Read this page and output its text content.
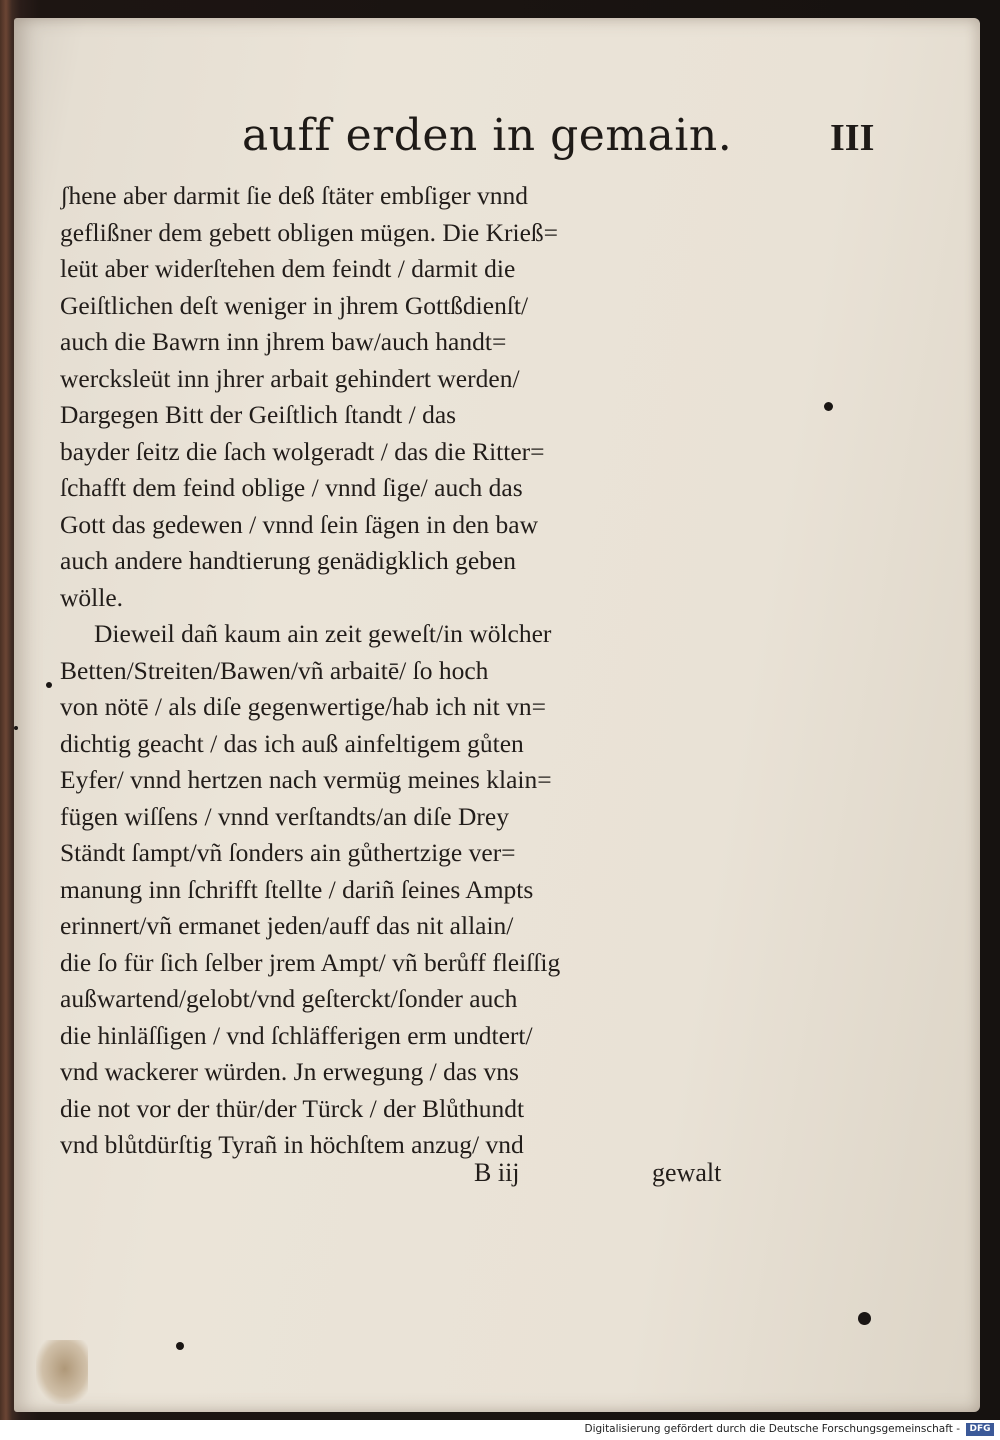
auff erden in gemain.	III
ʃhene aber darmit ſie deß ſtäter embſiger vnnd
geflißner dem gebett obligen mügen. Die Krieß=
leüt aber widerſtehen dem feindt / darmit die
Geiſtlichen deſt weniger in jhrem Gottßdienſt/
auch die Bawrn inn jhrem baw/auch handt=
wercksleüt inn jhrer arbait gehindert werden/
Dargegen Bitt der Geiſtlich ſtandt / das
bayder ſeitz die ſach wolgeradt / das die Ritter=
ſchafft dem feind oblige / vnnd ſige/ auch das
Gott das gedewen / vnnd ſein ſägen in den baw
auch andere handtierung genädigklich geben
wölle.
Dieweil dañ kaum ain zeit geweſt/in wölcher
Betten/Streiten/Bawen/vñ arbaitē/ ſo hoch
von nötē / als diſe gegenwertige/hab ich nit vn=
dichtig geacht / das ich auß ainfeltigem gůten
Eyfer/ vnnd hertzen nach vermüg meines klain=
fügen wiſſens / vnnd verſtandts/an diſe Drey
Ständt ſampt/vñ ſonders ain gůthertzige ver=
manung inn ſchrifft ſtellte / dariñ ſeines Ampts
erinnert/vñ ermanet jeden/auff das nit allain/
die ſo für ſich ſelber jrem Ampt/ vñ berůff fleiſſig
außwartend/gelobt/vnd geſterckt/ſonder auch
die hinläſſigen / vnd ſchläfferigen erm undtert/
vnd wackerer würden. Jn erwegung / das vns
die not vor der thür/der Türck / der Blůthundt
vnd blůtdürſtig Tyrañ in höchſtem anzug/ vnd
B iij	gewalt
Digitalisierung gefördert durch die Deutsche Forschungsgemeinschaft -	DFG
